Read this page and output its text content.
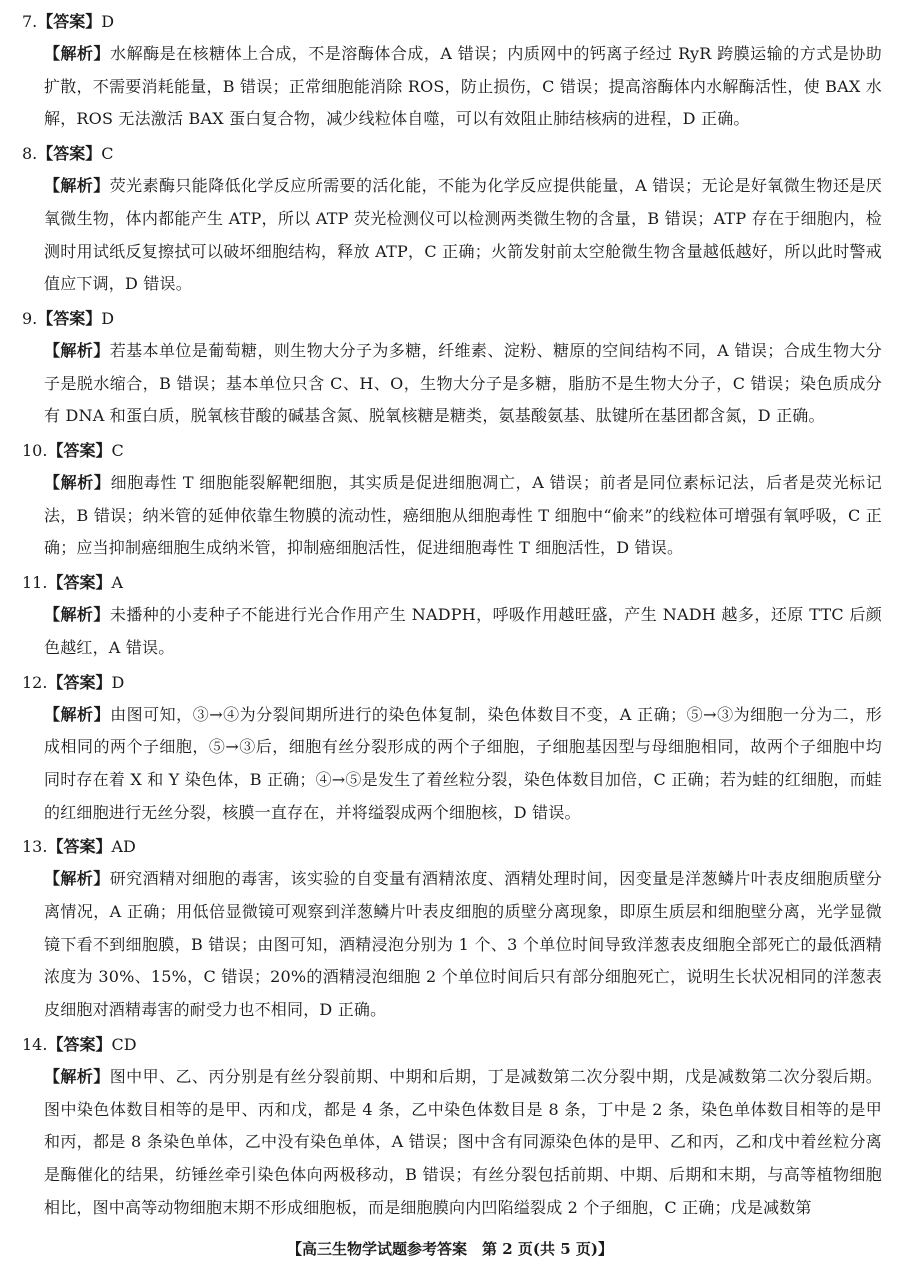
7.【答案】D

【解析】水解酶是在核糖体上合成，不是溶酶体合成，A 错误；内质网中的钙离子经过 RyR 跨膜运输的方式是协助扩散，不需要消耗能量，B 错误；正常细胞能消除 ROS，防止损伤，C 错误；提高溶酶体内水解酶活性，使 BAX 水解，ROS 无法激活 BAX 蛋白复合物，减少线粒体自噬，可以有效阻止肺结核病的进程，D 正确。

8.【答案】C

【解析】荧光素酶只能降低化学反应所需要的活化能，不能为化学反应提供能量，A 错误；无论是好氧微生物还是厌氧微生物，体内都能产生 ATP，所以 ATP 荧光检测仪可以检测两类微生物的含量，B 错误；ATP 存在于细胞内，检测时用试纸反复擦拭可以破坏细胞结构，释放 ATP，C 正确；火箭发射前太空舱微生物含量越低越好，所以此时警戒值应下调，D 错误。

9.【答案】D

【解析】若基本单位是葡萄糖，则生物大分子为多糖，纤维素、淀粉、糖原的空间结构不同，A 错误；合成生物大分子是脱水缩合，B 错误；基本单位只含 C、H、O，生物大分子是多糖，脂肪不是生物大分子，C 错误；染色质成分有 DNA 和蛋白质，脱氧核苷酸的碱基含氮、脱氧核糖是糖类，氨基酸氨基、肽键所在基团都含氮，D 正确。

10.【答案】C

【解析】细胞毒性 T 细胞能裂解靶细胞，其实质是促进细胞凋亡，A 错误；前者是同位素标记法，后者是荧光标记法，B 错误；纳米管的延伸依靠生物膜的流动性，癌细胞从细胞毒性 T 细胞中“偷来”的线粒体可增强有氧呼吸，C 正确；应当抑制癌细胞生成纳米管，抑制癌细胞活性，促进细胞毒性 T 细胞活性，D 错误。

11.【答案】A

【解析】未播种的小麦种子不能进行光合作用产生 NADPH，呼吸作用越旺盛，产生 NADH 越多，还原 TTC 后颜色越红，A 错误。

12.【答案】D

【解析】由图可知，③→④为分裂间期所进行的染色体复制，染色体数目不变，A 正确；⑤→③为细胞一分为二，形成相同的两个子细胞，⑤→③后，细胞有丝分裂形成的两个子细胞，子细胞基因型与母细胞相同，故两个子细胞中均同时存在着 X 和 Y 染色体，B 正确；④→⑤是发生了着丝粒分裂，染色体数目加倍，C 正确；若为蛙的红细胞，而蛙的红细胞进行无丝分裂，核膜一直存在，并将缢裂成两个细胞核，D 错误。

13.【答案】AD

【解析】研究酒精对细胞的毒害，该实验的自变量有酒精浓度、酒精处理时间，因变量是洋葱鳞片叶表皮细胞质壁分离情况，A 正确；用低倍显微镜可观察到洋葱鳞片叶表皮细胞的质壁分离现象，即原生质层和细胞壁分离，光学显微镜下看不到细胞膜，B 错误；由图可知，酒精浸泡分别为 1 个、3 个单位时间导致洋葱表皮细胞全部死亡的最低酒精浓度为 30%、15%，C 错误；20%的酒精浸泡细胞 2 个单位时间后只有部分细胞死亡，说明生长状况相同的洋葱表皮细胞对酒精毒害的耐受力也不相同，D 正确。

14.【答案】CD

【解析】图中甲、乙、丙分别是有丝分裂前期、中期和后期，丁是减数第二次分裂中期，戊是减数第二次分裂后期。图中染色体数目相等的是甲、丙和戊，都是 4 条，乙中染色体数目是 8 条，丁中是 2 条，染色单体数目相等的是甲和丙，都是 8 条染色单体，乙中没有染色单体，A 错误；图中含有同源染色体的是甲、乙和丙，乙和戊中着丝粒分离是酶催化的结果，纺锤丝牵引染色体向两极移动，B 错误；有丝分裂包括前期、中期、后期和末期，与高等植物细胞相比，图中高等动物细胞末期不形成细胞板，而是细胞膜向内凹陷缢裂成 2 个子细胞，C 正确；戊是减数第

【高三生物学试题参考答案　第 2 页(共 5 页)】
